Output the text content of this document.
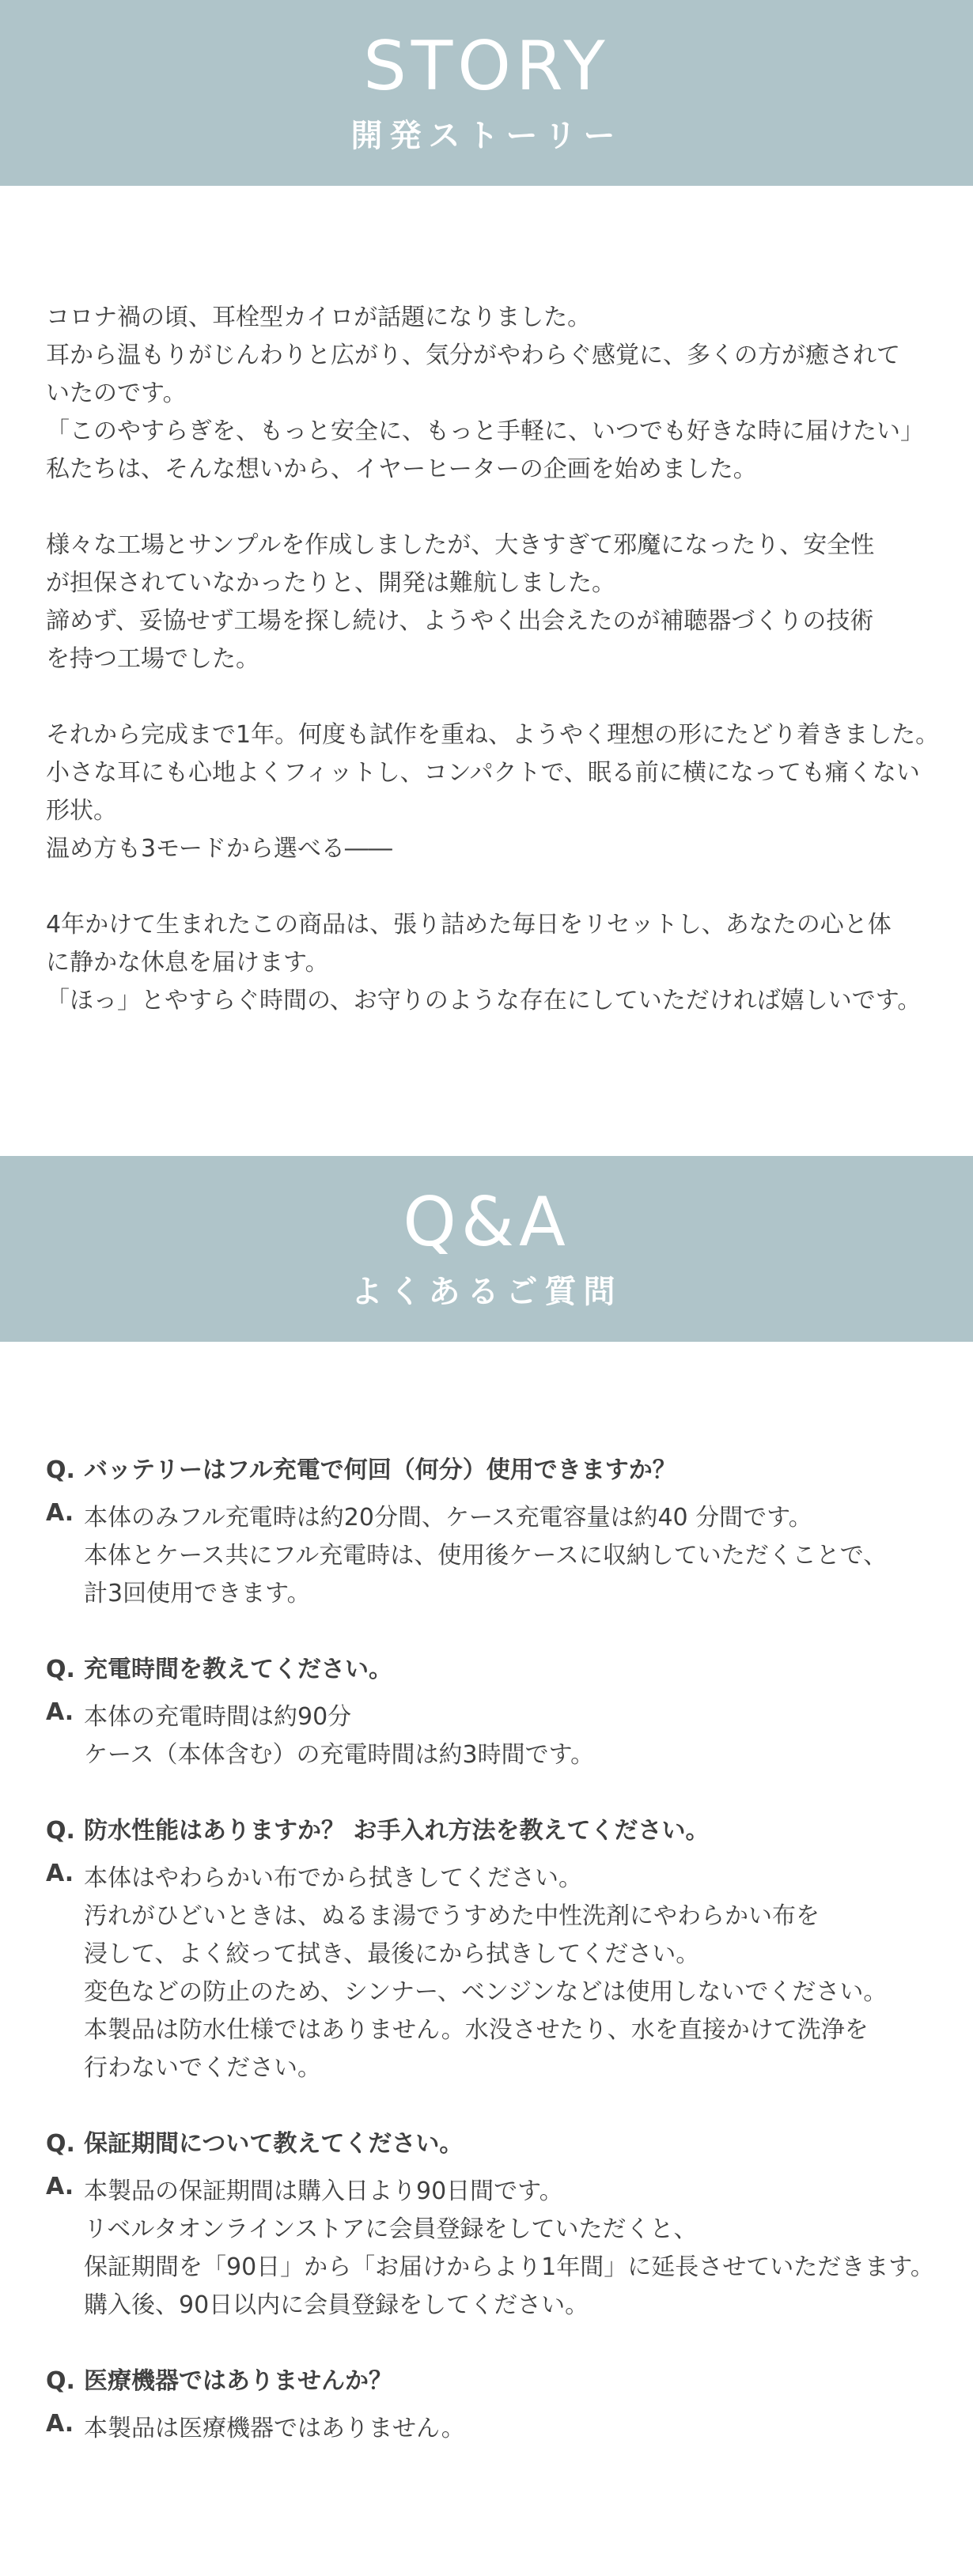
STORY
開発ストーリー

コロナ禍の頃、耳栓型カイロが話題になりました。
耳から温もりがじんわりと広がり、気分がやわらぐ感覚に、多くの方が癒されて
いたのです。
「このやすらぎを、もっと安全に、もっと手軽に、いつでも好きな時に届けたい」
私たちは、そんな想いから、イヤーヒーターの企画を始めました。

様々な工場とサンプルを作成しましたが、大きすぎて邪魔になったり、安全性
が担保されていなかったりと、開発は難航しました。
諦めず、妥協せず工場を探し続け、ようやく出会えたのが補聴器づくりの技術
を持つ工場でした。

それから完成まで1年。何度も試作を重ね、ようやく理想の形にたどり着きました。
小さな耳にも心地よくフィットし、コンパクトで、眠る前に横になっても痛くない
形状。
温め方も3モードから選べる――

4年かけて生まれたこの商品は、張り詰めた毎日をリセットし、あなたの心と体
に静かな休息を届けます。
「ほっ」とやすらぐ時間の、お守りのような存在にしていただければ嬉しいです。

Q&A
よくあるご質問
Q. バッテリーはフル充電で何回（何分）使用できますか？
A. 本体のみフル充電時は約20分間、ケース充電容量は約40 分間です。
本体とケース共にフル充電時は、使用後ケースに収納していただくことで、
計3回使用できます。
Q. 充電時間を教えてください。
A. 本体の充電時間は約90分
ケース（本体含む）の充電時間は約3時間です。
Q. 防水性能はありますか？ お手入れ方法を教えてください。
A. 本体はやわらかい布でから拭きしてください。
汚れがひどいときは、ぬるま湯でうすめた中性洗剤にやわらかい布を
浸して、よく絞って拭き、最後にから拭きしてください。
変色などの防止のため、シンナー、ベンジンなどは使用しないでください。
本製品は防水仕様ではありません。水没させたり、水を直接かけて洗浄を
行わないでください。
Q. 保証期間について教えてください。
A. 本製品の保証期間は購入日より90日間です。
リベルタオンラインストアに会員登録をしていただくと、
保証期間を「90日」から「お届けからより1年間」に延長させていただきます。
購入後、90日以内に会員登録をしてください。
Q. 医療機器ではありませんか？
A. 本製品は医療機器ではありません。
